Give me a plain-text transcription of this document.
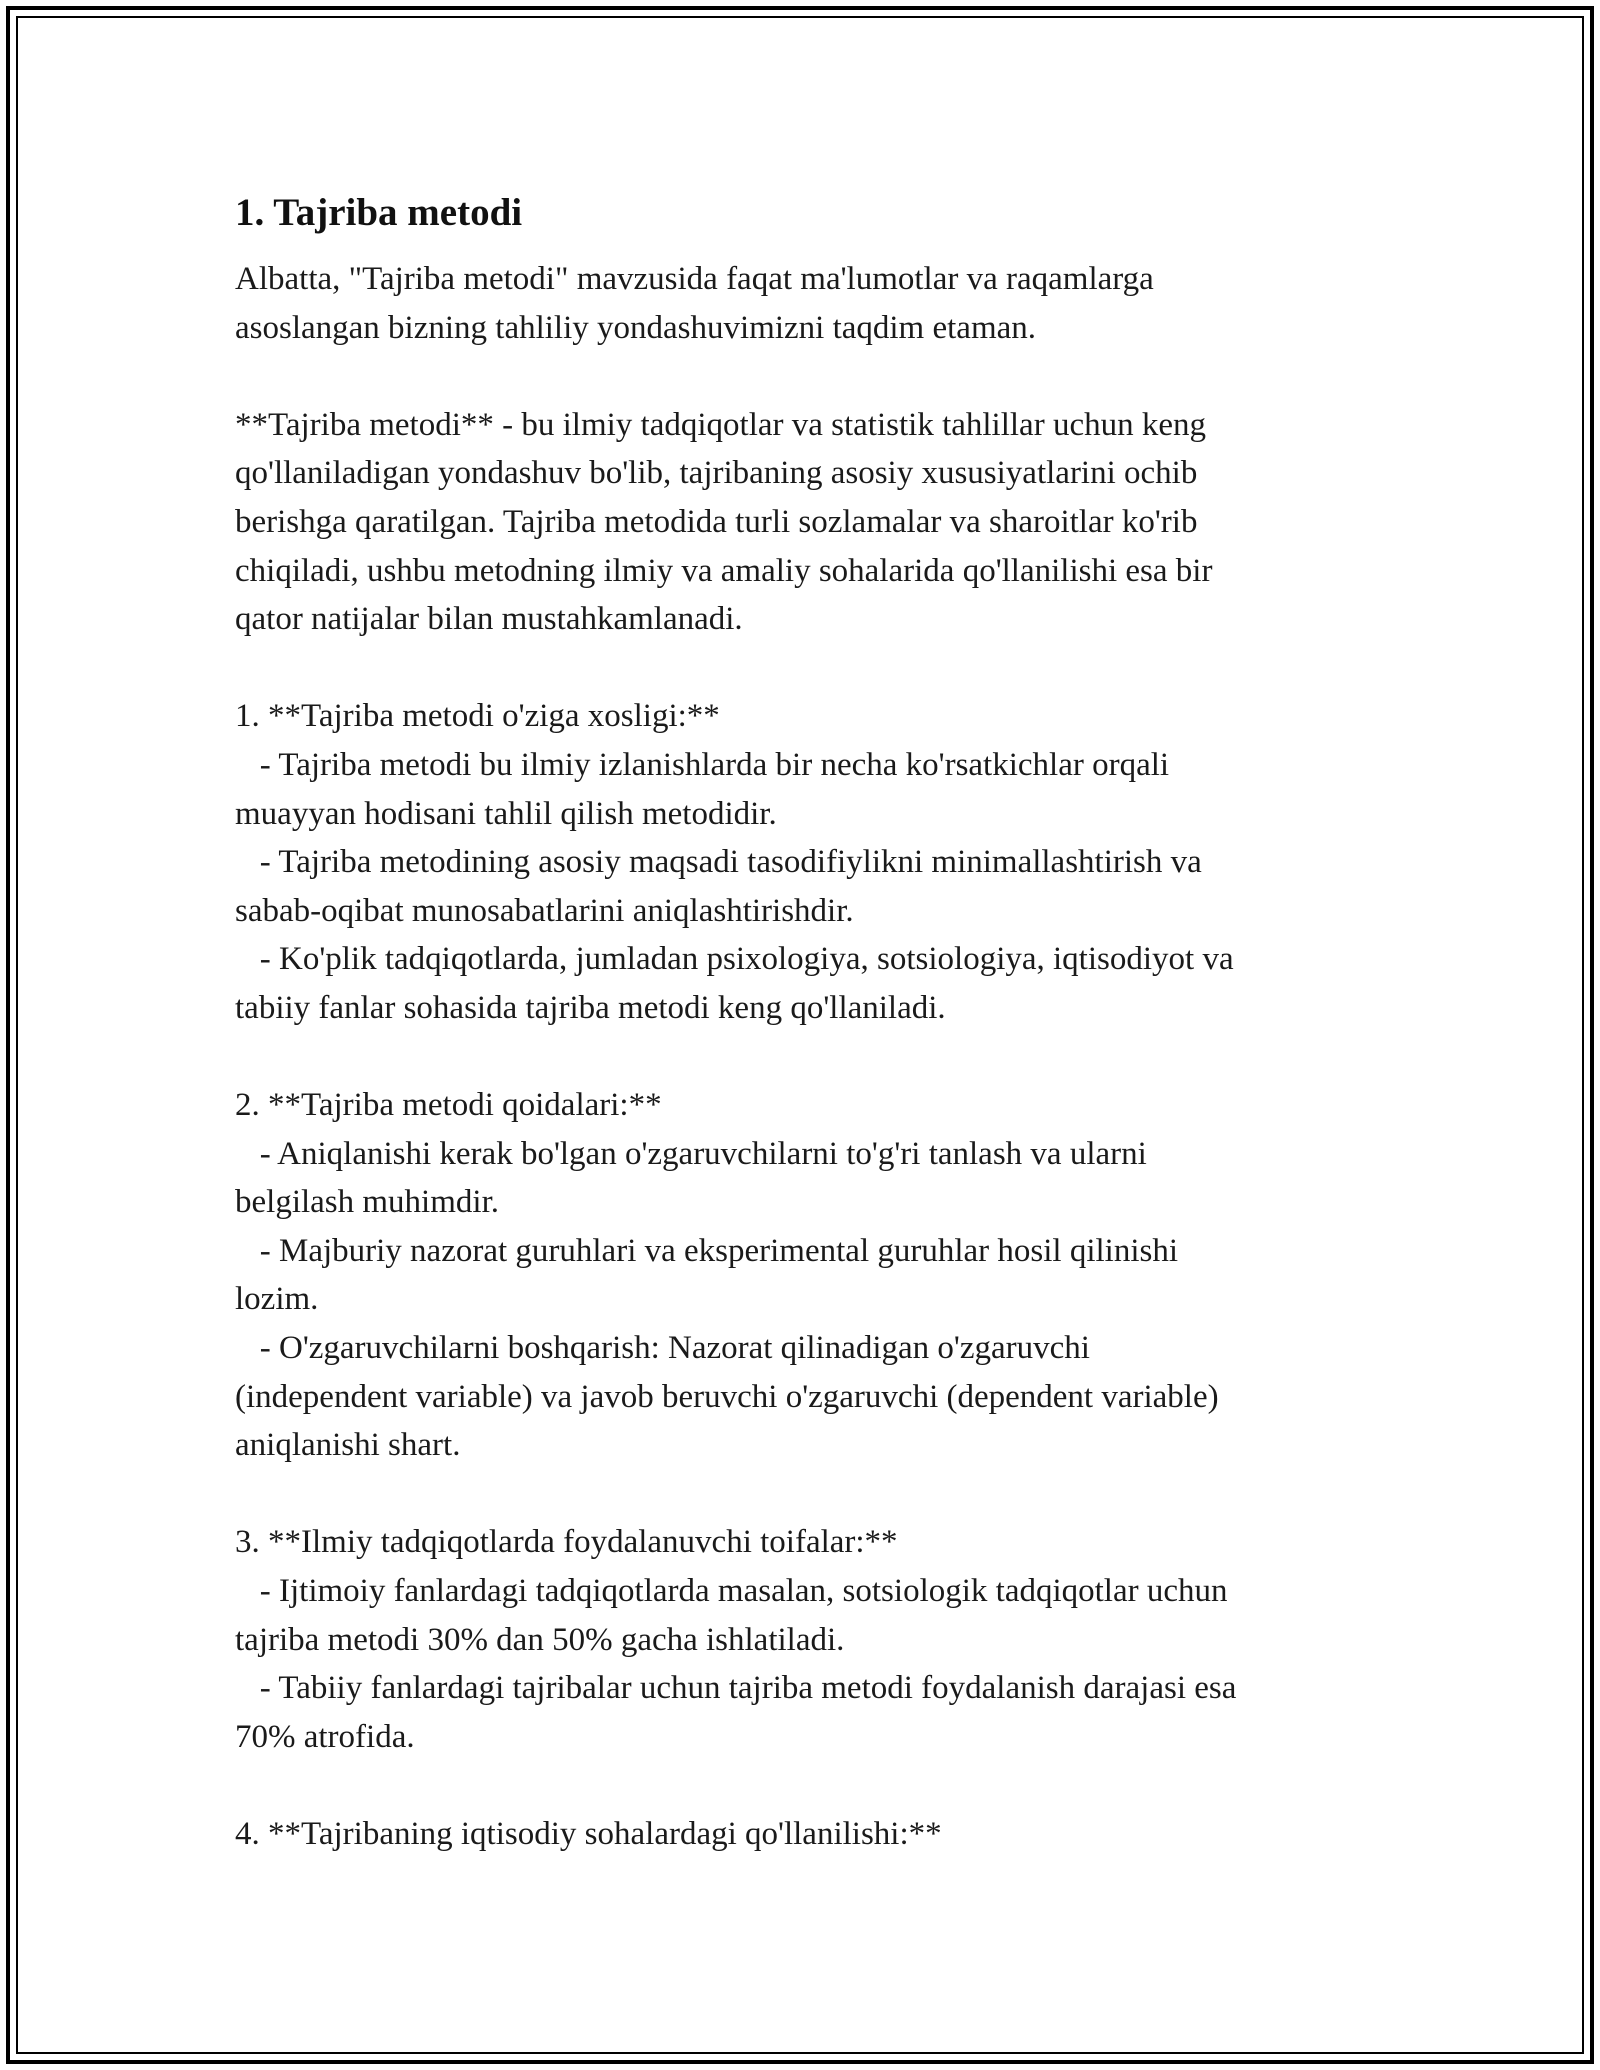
1. Tajriba metodi

Albatta, "Tajriba metodi" mavzusida faqat ma'lumotlar va raqamlarga

asoslangan bizning tahliliy yondashuvimizni taqdim etaman.

**Tajriba metodi** - bu ilmiy tadqiqotlar va statistik tahlillar uchun keng

qo'llaniladigan yondashuv bo'lib, tajribaning asosiy xususiyatlarini ochib

berishga qaratilgan. Tajriba metodida turli sozlamalar va sharoitlar ko'rib

chiqiladi, ushbu metodning ilmiy va amaliy sohalarida qo'llanilishi esa bir

qator natijalar bilan mustahkamlanadi.

1. **Tajriba metodi o'ziga xosligi:**

- Tajriba metodi bu ilmiy izlanishlarda bir necha ko'rsatkichlar orqali

muayyan hodisani tahlil qilish metodidir.

- Tajriba metodining asosiy maqsadi tasodifiylikni minimallashtirish va

sabab-oqibat munosabatlarini aniqlashtirishdir.

- Ko'plik tadqiqotlarda, jumladan psixologiya, sotsiologiya, iqtisodiyot va

tabiiy fanlar sohasida tajriba metodi keng qo'llaniladi.

2. **Tajriba metodi qoidalari:**

- Aniqlanishi kerak bo'lgan o'zgaruvchilarni to'g'ri tanlash va ularni

belgilash muhimdir.

- Majburiy nazorat guruhlari va eksperimental guruhlar hosil qilinishi

lozim.

- O'zgaruvchilarni boshqarish: Nazorat qilinadigan o'zgaruvchi

(independent variable) va javob beruvchi o'zgaruvchi (dependent variable)

aniqlanishi shart.

3. **Ilmiy tadqiqotlarda foydalanuvchi toifalar:**

- Ijtimoiy fanlardagi tadqiqotlarda masalan, sotsiologik tadqiqotlar uchun

tajriba metodi 30% dan 50% gacha ishlatiladi.

- Tabiiy fanlardagi tajribalar uchun tajriba metodi foydalanish darajasi esa

70% atrofida.

4. **Tajribaning iqtisodiy sohalardagi qo'llanilishi:**
